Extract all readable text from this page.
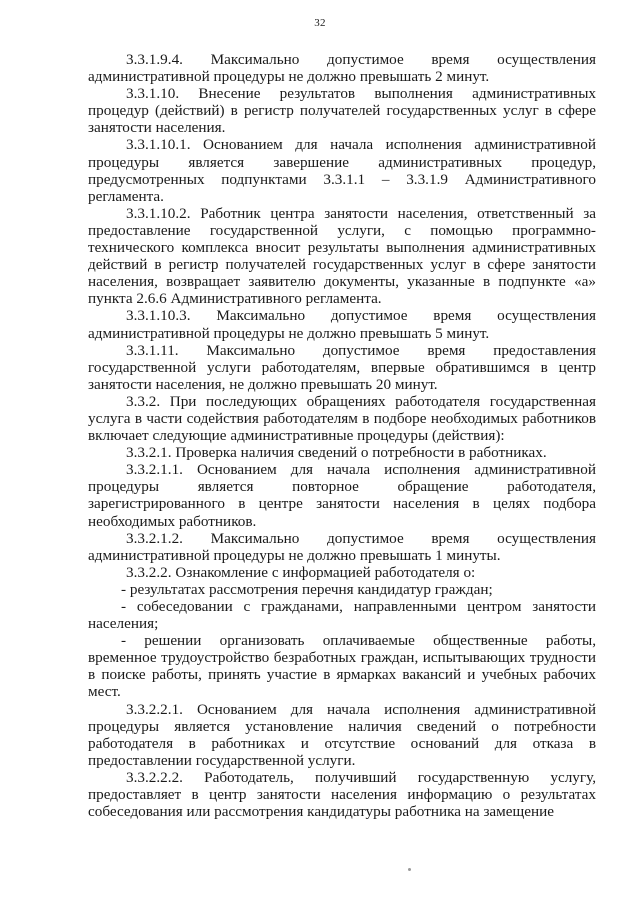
32

3.3.1.9.4. Максимально допустимое время осуществления административной процедуры не должно превышать 2 минут.

3.3.1.10. Внесение результатов выполнения административных процедур (действий) в регистр получателей государственных услуг в сфере занятости населения.

3.3.1.10.1. Основанием для начала исполнения административной процедуры является завершение административных процедур, предусмотренных подпунктами 3.3.1.1 – 3.3.1.9 Административного регламента.

3.3.1.10.2. Работник центра занятости населения, ответственный за предоставление государственной услуги, с помощью программно-технического комплекса вносит результаты выполнения административных действий в регистр получателей государственных услуг в сфере занятости населения, возвращает заявителю документы, указанные в подпункте «а» пункта 2.6.6 Административного регламента.

3.3.1.10.3. Максимально допустимое время осуществления административной процедуры не должно превышать 5 минут.

3.3.1.11. Максимально допустимое время предоставления государственной услуги работодателям, впервые обратившимся в центр занятости населения, не должно превышать 20 минут.

3.3.2. При последующих обращениях работодателя государственная услуга в части содействия работодателям в подборе необходимых работников включает следующие административные процедуры (действия):

3.3.2.1. Проверка наличия сведений о потребности в работниках.

3.3.2.1.1. Основанием для начала исполнения административной процедуры является повторное обращение работодателя, зарегистрированного в центре занятости населения в целях подбора необходимых работников.

3.3.2.1.2. Максимально допустимое время осуществления административной процедуры не должно превышать 1 минуты.

3.3.2.2. Ознакомление с информацией работодателя о:

- результатах рассмотрения перечня кандидатур граждан;

- собеседовании с гражданами, направленными центром занятости населения;

- решении организовать оплачиваемые общественные работы, временное трудоустройство безработных граждан, испытывающих трудности в поиске работы, принять участие в ярмарках вакансий и учебных рабочих мест.

3.3.2.2.1. Основанием для начала исполнения административной процедуры является установление наличия сведений о потребности работодателя в работниках и отсутствие оснований для отказа в предоставлении государственной услуги.

3.3.2.2.2. Работодатель, получивший государственную услугу, предоставляет в центр занятости населения информацию о результатах собеседования или рассмотрения кандидатуры работника на замещение
